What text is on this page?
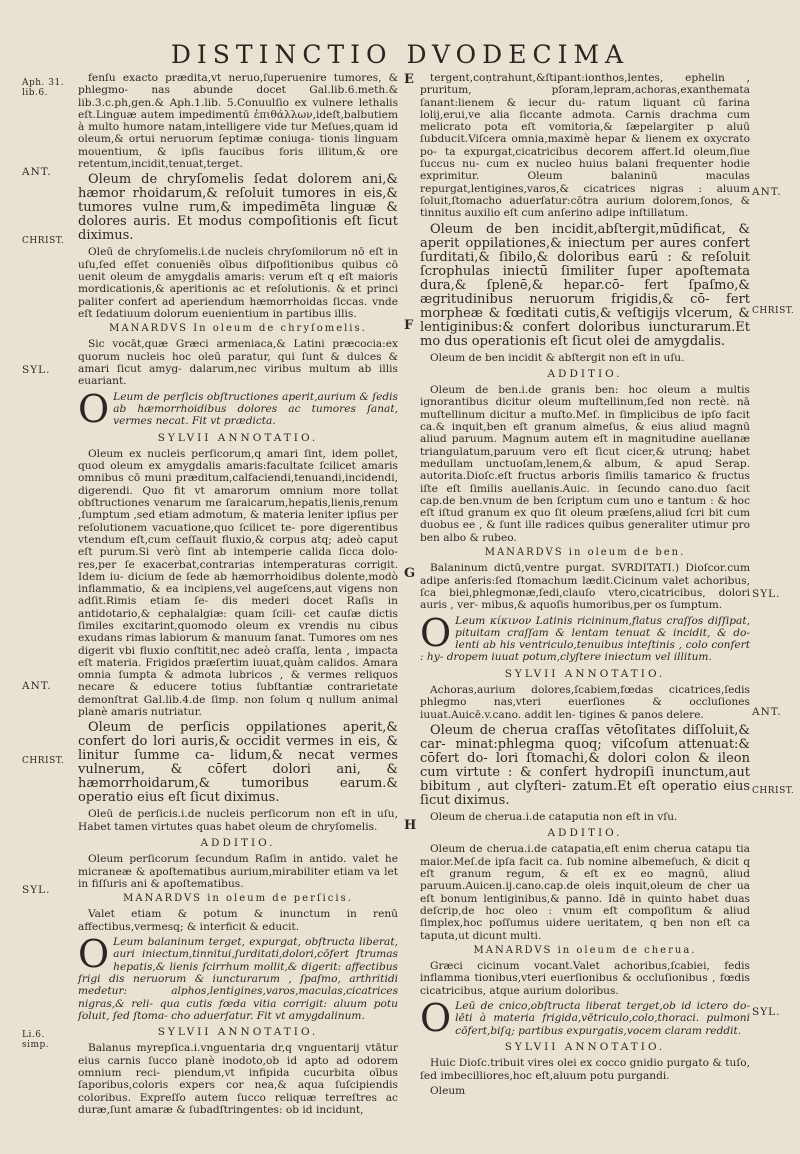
DISTINCTIO DVODECIMA
Aph. 31. lib.6.
ANT.
CHRIST.
SYL.
ANT.
CHRIST.
SYL.
Li.6. simp.
ANT.
CHRIST.
SYL.
ANT.
CHRIST.
SYL.
E
F
G
H

fenſu exacto prædita,vt neruo,ſuperuenire tumores, & phlegmo- nas abunde docet Gal.lib.6.meth.& lib.3.c.ph,gen.& Aph.1.lib. 5.Conuulſio ex vulnere lethalis eſt.Linguæ autem impedimentū ἐπιθάλλων,ideſt,balbutiem à multo humore natam,intelligere vide tur Meſues,quam id oleum,& ortui neruorum ſeptimæ coniuga- tionis linguam mouentium, & ipſis faucibus foris illitum,& ore retentum,incidit,tenuat,terget.

Oleum de chryſomelis ſedat dolorem ani,& hæmor rhoidarum,& reſoluit tumores in eis,& tumores vulne rum,& impedimēta linguæ & dolores auris. Et modus compoſitionis eſt ſicut diximus.

Oleū de chryſomelis.i.de nucleis chryſomilorum nō eſt in uſu,ſed eſſet conueniēs oībus diſpoſitionibus quibus cō uenit oleum de amygdalis amaris: verum eſt q eſt maioris mordicationis,& aperitionis ac et reſolutionis. & et princi paliter confert ad aperiendum hæmorrhoidas ſiccas. vnde eſt ſedatiuum dolorum euenientium in partibus illis.

MANARDVS In oleum de chryſomelis.

Sic vocāt,quæ Græci armeniaca,& Latini præcocia:ex quorum nucleis hoc oleū paratur, qui ſunt & dulces & amari ſicut amyg- dalarum,nec viribus multum ab illis euariant.

O Leum de perſicis obſtructiones aperit,aurium & ſedis ab hæmorrhoidibus dolores ac tumores ſanat, vermes necat. Fit vt prædicta.

SYLVII ANNOTATIO.

Oleum ex nucleis perſicorum,q amari ſint, idem pollet, quod oleum ex amygdalis amaris:facultate ſcilicet amaris omnibus cō muni præditum,calfaciendi,tenuandi,incidendi, digerendi. Quo fit vt amarorum omnium more tollat obſtructiones venarum me ſaraicarum,hepatis,lienis,renum ,ſumptum ,sed etiam admotum, & materia leniter ipſius per reſolutionem vacuatione,quo ſcilicet te- pore digerentibus vtendum eſt,cum ceſſauit fluxio,& corpus atq; adeò caput eſt purum.Si verò ſint ab intemperie calida ſicca dolo- res,per ſe exacerbat,contrarias intemperaturas corrigit. Idem iu- dicium de ſede ab hæmorrhoidibus dolente,modò inflammatio, & ea incipiens,vel augeſcens,aut vigens non adſit.Rimis etiam ſe- dis mederi docet Raſis in antidotario,& cephalalgiæ: quam ſcili- cet cauſæ dictis ſimiles excitarint,quomodo oleum ex vrendis nu cibus exudans rimas labiorum & manuum ſanat. Tumores om nes digerit vbi fluxio conſtitit,nec adeò craſſa, lenta , impacta eſt materia. Frigidos præſertim iuuat,quàm calidos. Amara omnia ſumpta & admota lubricos , & vermes reliquos necare & educere totius ſubſtantiæ contrarietate demonſtrat Gal.lib.4.de ſimp. non ſolum q nullum animal planè amaris nutriatur.

Oleum de perſicis oppilationes aperit,& confert do lori auris,& occidit vermes in eis, & linitur ſumme ca- lidum,& necat vermes vulnerum, & cōfert dolori ani, & hæmorrhoidarum,& tumoribus earum.& operatio eius eſt ſicut diximus.

Oleū de perſicis.i.de nucleis perſicorum non eſt in uſu, Habet tamen virtutes quas habet oleum de chryſomelis.

ADDITIO.

Oleum perſicorum ſecundum Raſim in antido. valet he micraneæ & apoſtematibus aurium,mirabiliter etiam va let in fiſſuris ani & apoſtematibus.

MANARDVS in oleum de perſicis.

Valet etiam & potum & inunctum in renū affectibus,vermesq; & interficit & educit.

O Leum balaninum terget, expurgat, obſtructa liberat, auri iniectum,tinnitui,ſurditati,dolori,cōfert ſtrumas hepatis,& lienis ſcirrhum mollit,& digerit: affectibus ſrigi dis neruorum & iuncturarum , ſpaſmo, arthritidi medetur: alphos,lentigines,varos,maculas,cicatrices nigras,& reli- qua cutis fœda vitia corrigit: aluum potu ſoluit, ſed ſtoma- cho aduerſatur. Fit vt amygdalinum.

SYLVII ANNOTATIO.

Balanus myrepſica.i.vnguentaria dr,q vnguentarij vtātur eius carnis ſucco planè inodoto,ob id apto ad odorem omnium reci- piendum,vt infipida cucurbita oībus ſaporibus,coloris expers cor nea,& aqua ſuſcipiendis coloribus. Expreſſo autem ſucco reliquæ terreſtres ac duræ,ſunt amaræ & ſubadſtringentes: ob id incidunt,

tergent,coṇtrahunt,&ſtipant:ionthos,lentes, ephelin , pruritum, pſoram,lepram,achoras,exanthemata ſanant:lienem & iecur du- ratum liquant cū farina lolij,erui,ve alia ſiccante admota. Carnis drachma cum melicrato pota eſt vomitoria,& ſæpelargiter p aluū ſubducit.Viſcera omnia,maximè hepar & lienem ex oxycrato po- ta expurgat,cicatricibus decorem affert.Id oleum,ſiue ſuccus nu- cum ex nucleo huius balani frequenter hodie exprimitur. Oleum balaninū maculas repurgat,lentigines,varos,& cicatrices nigras : aluum ſoluit,ſtomacho aduerſatur:cōtra aurium dolorem,ſonos, & tinnitus auxilio eſt cum anſerino adipe inſtillatum.

Oleum de ben incidit,abſtergit,mūdificat, & aperit oppilationes,& iniectum per aures confert ſurditati,& ſibilo,& doloribus earū : & reſoluit ſcrophulas iniectū ſimiliter ſuper apoſtemata dura,& ſplenē,& hepar.cō- fert ſpaſmo,& ægritudinibus neruorum frigidis,& cō- fert morpheæ & fœditati cutis,& veſtigijs vlcerum, & lentiginibus:& confert doloribus iuncturarum.Et mo dus operationis eſt ſicut olei de amygdalis.

Oleum de ben incidit & abſtergit non eſt in uſu.

ADDITIO.

Oleum de ben.i.de granis ben: hoc oleum a multis ignorantibus dicitur oleum muſtellinum,ſed non rectè. nā muſtellinum dicitur a muſto.Meſ. in ſimplicibus de ipſo facit ca.& inquit,ben eſt granum almeſus, & eius aliud magnū aliud paruum. Magnum autem eſt in magnitudine auellanæ triangulatum,paruum vero eſt ſicut cicer,& utrunq; habet medullam unctuoſam,lenem,& album, & apud Serap. autorita.Dioſc.eſt fructus arboris ſimilis tamarico & fructus iſte eſt ſimilis auellanis.Auic. in ſecundo cano.duo ſacit cap.de ben.vnum de ben ſcriptum cum uno e tantum : & hoc eſt iſtud granum ex quo ſit oleum præſens,aliud ſcri bit cum duobus ee , & ſunt ille radices quibus generaliter utimur pro ben albo & rubeo.

MANARDVS in oleum de ben.

Balaninum dictū,ventre purgat. SVRDITATI.) Dioſcor.cum adipe anſeris:ſed ſtomachum lædit.Cicinum valet achoribus, ſca biei,phlegmonæ,ſedi,clauſo vtero,cicatricibus, dolori auris , ver- mibus,& aquoſis humoribus,per os ſumptum.

O Leum κίκινον Latinis ricininum,flatus craſſos diſſipat, pituitam craſſam & lentam tenuat & incidit, & do- lenti ab his ventriculo,tenuibus inteſtinis , colo confert : hy- dropem iuuat potum,clyſtere iniectum vel illitum.

SYLVII ANNOTATIO.

Achoras,aurium dolores,ſcabiem,fœdas cicatrices,ſedis phlegmo nas,vteri euerſiones & occluſiones iuuat.Auicē.v.cano. addit len- tigines & panos delere.

Oleum de cherua craſſas vētoſitates diſſoluit,& car- minat:phlegma quoq; viſcoſum attenuat:& cōfert do- lori ſtomachi,& dolori colon & ileon cum virtute : & confert hydropiſi inunctum,aut bibitum , aut clyſteri- zatum.Et eſt operatio eius ſicut diximus.

Oleum de cherua.i.de cataputia non eſt in vſu.

ADDITIO.

Oleum de cherua.i.de catapatia,eſt enim cherua catapu tia maior.Meſ.de ipſa facit ca. ſub nomine albemeſuch, & dicit q eſt granum regum, & eſt ex eo magnū, aliud paruum.Auicen.ij.cano.cap.de oleis inquit,oleum de cher ua eſt bonum lentiginibus,& panno. Idē in quinto habet duas deſcrip,de hoc oleo : vnum eſt compoſitum & aliud ſimplex,hoc poſſumus uidere ueritatem, q ben non eſt ca taputa,ut dicunt multi.

MANARDVS in oleum de cherua.

Græci cicinum vocant.Valet achoribus,ſcabiei, fedis inflamma tionibus,vteri euerſionibus & occluſionibus , fœdis cicatricibus, atque aurium doloribus.

O Leū de cnico,obſtructa liberat terget,ob id ictero do- lēti à materia frigida,vētriculo,colo,thoraci. pulmoni cōfert,biſq; partibus expurgatis,vocem claram reddit.

SYLVII ANNOTATIO.

Huic Dioſc.tribuit vires olei ex cocco gnidio purgato & tuſo, ſed imbecilliores,hoc eſt,aluum potu purgandi.

Oleum
